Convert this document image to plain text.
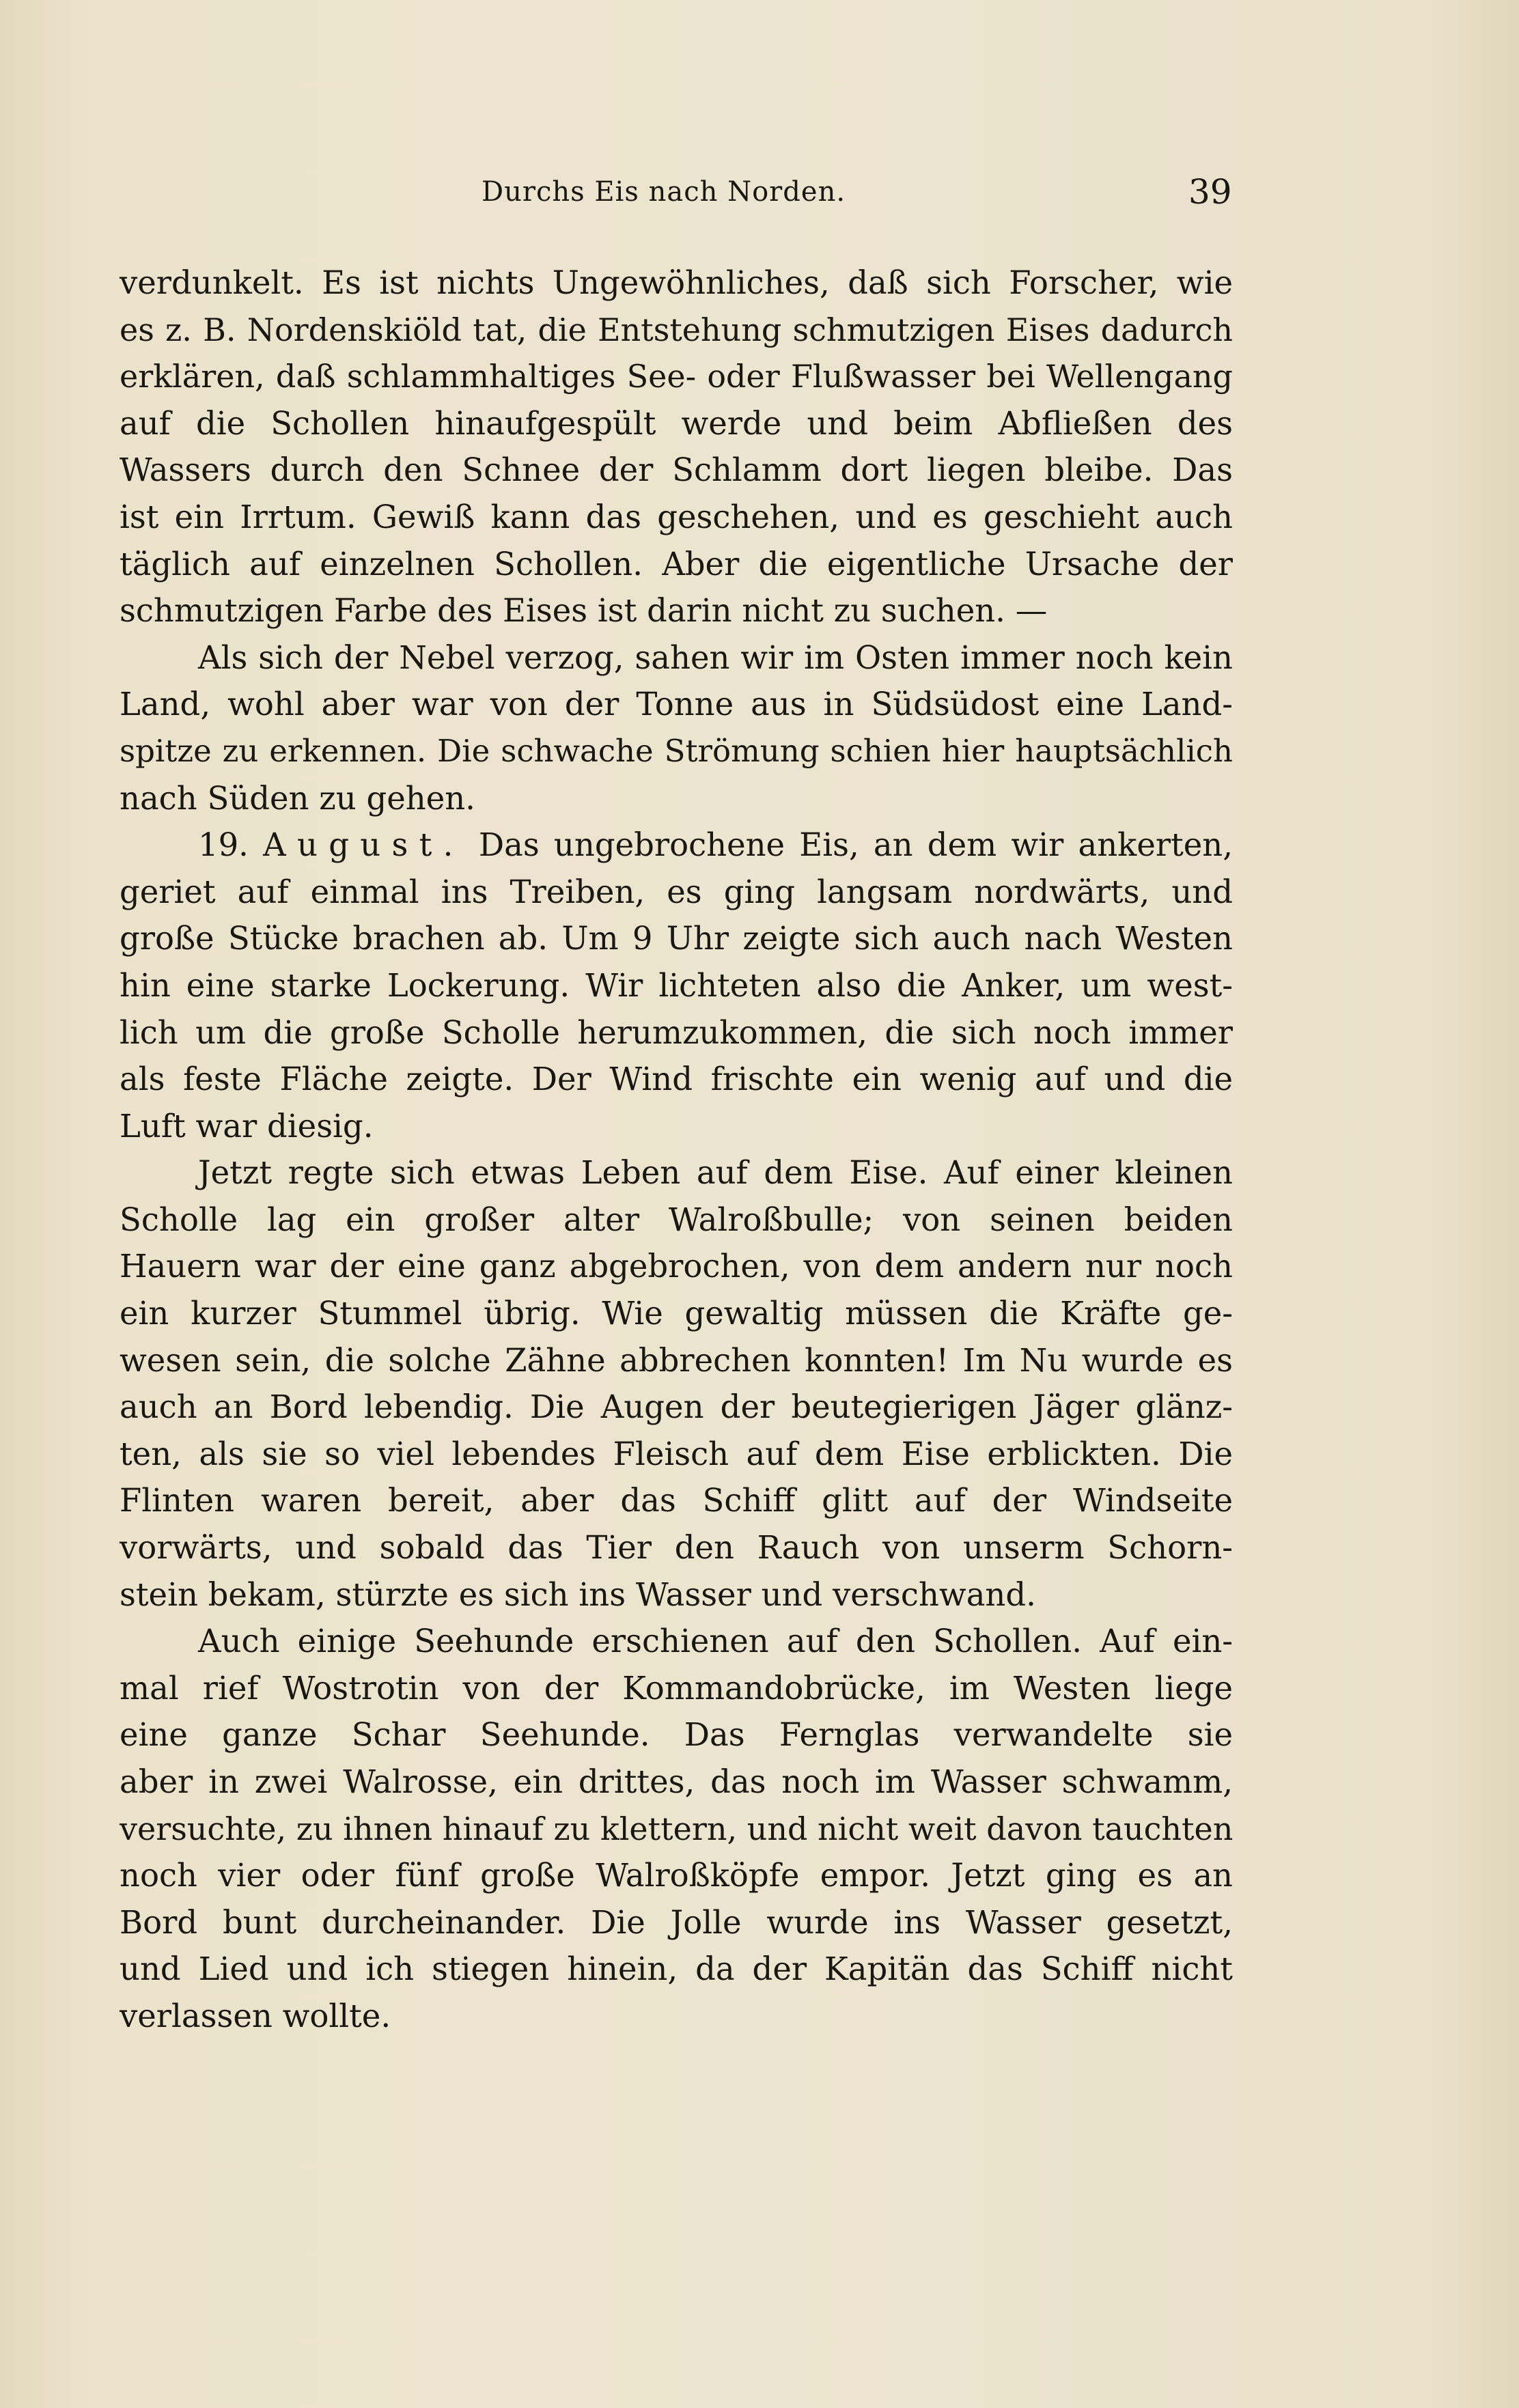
Durchs Eis nach Norden.	39
verdunkelt. Es ist nichts Ungewöhnliches, daß sich Forscher, wie
es z. B. Nordenskiöld tat, die Entstehung schmutzigen Eises dadurch
erklären, daß schlammhaltiges See- oder Flußwasser bei Wellengang
auf die Schollen hinaufgespült werde und beim Abfließen des
Wassers durch den Schnee der Schlamm dort liegen bleibe. Das
ist ein Irrtum. Gewiß kann das geschehen, und es geschieht auch
täglich auf einzelnen Schollen. Aber die eigentliche Ursache der
schmutzigen Farbe des Eises ist darin nicht zu suchen. —
Als sich der Nebel verzog, sahen wir im Osten immer noch kein
Land, wohl aber war von der Tonne aus in Südsüdost eine Land-
spitze zu erkennen. Die schwache Strömung schien hier hauptsächlich
nach Süden zu gehen.
19. August. Das ungebrochene Eis, an dem wir ankerten,
geriet auf einmal ins Treiben, es ging langsam nordwärts, und
große Stücke brachen ab. Um 9 Uhr zeigte sich auch nach Westen
hin eine starke Lockerung. Wir lichteten also die Anker, um west-
lich um die große Scholle herumzukommen, die sich noch immer
als feste Fläche zeigte. Der Wind frischte ein wenig auf und die
Luft war diesig.
Jetzt regte sich etwas Leben auf dem Eise. Auf einer kleinen
Scholle lag ein großer alter Walroßbulle; von seinen beiden
Hauern war der eine ganz abgebrochen, von dem andern nur noch
ein kurzer Stummel übrig. Wie gewaltig müssen die Kräfte ge-
wesen sein, die solche Zähne abbrechen konnten! Im Nu wurde es
auch an Bord lebendig. Die Augen der beutegierigen Jäger glänz-
ten, als sie so viel lebendes Fleisch auf dem Eise erblickten. Die
Flinten waren bereit, aber das Schiff glitt auf der Windseite
vorwärts, und sobald das Tier den Rauch von unserm Schorn-
stein bekam, stürzte es sich ins Wasser und verschwand.
Auch einige Seehunde erschienen auf den Schollen. Auf ein-
mal rief Wostrotin von der Kommandobrücke, im Westen liege
eine ganze Schar Seehunde. Das Fernglas verwandelte sie
aber in zwei Walrosse, ein drittes, das noch im Wasser schwamm,
versuchte, zu ihnen hinauf zu klettern, und nicht weit davon tauchten
noch vier oder fünf große Walroßköpfe empor. Jetzt ging es an
Bord bunt durcheinander. Die Jolle wurde ins Wasser gesetzt,
und Lied und ich stiegen hinein, da der Kapitän das Schiff nicht
verlassen wollte.
